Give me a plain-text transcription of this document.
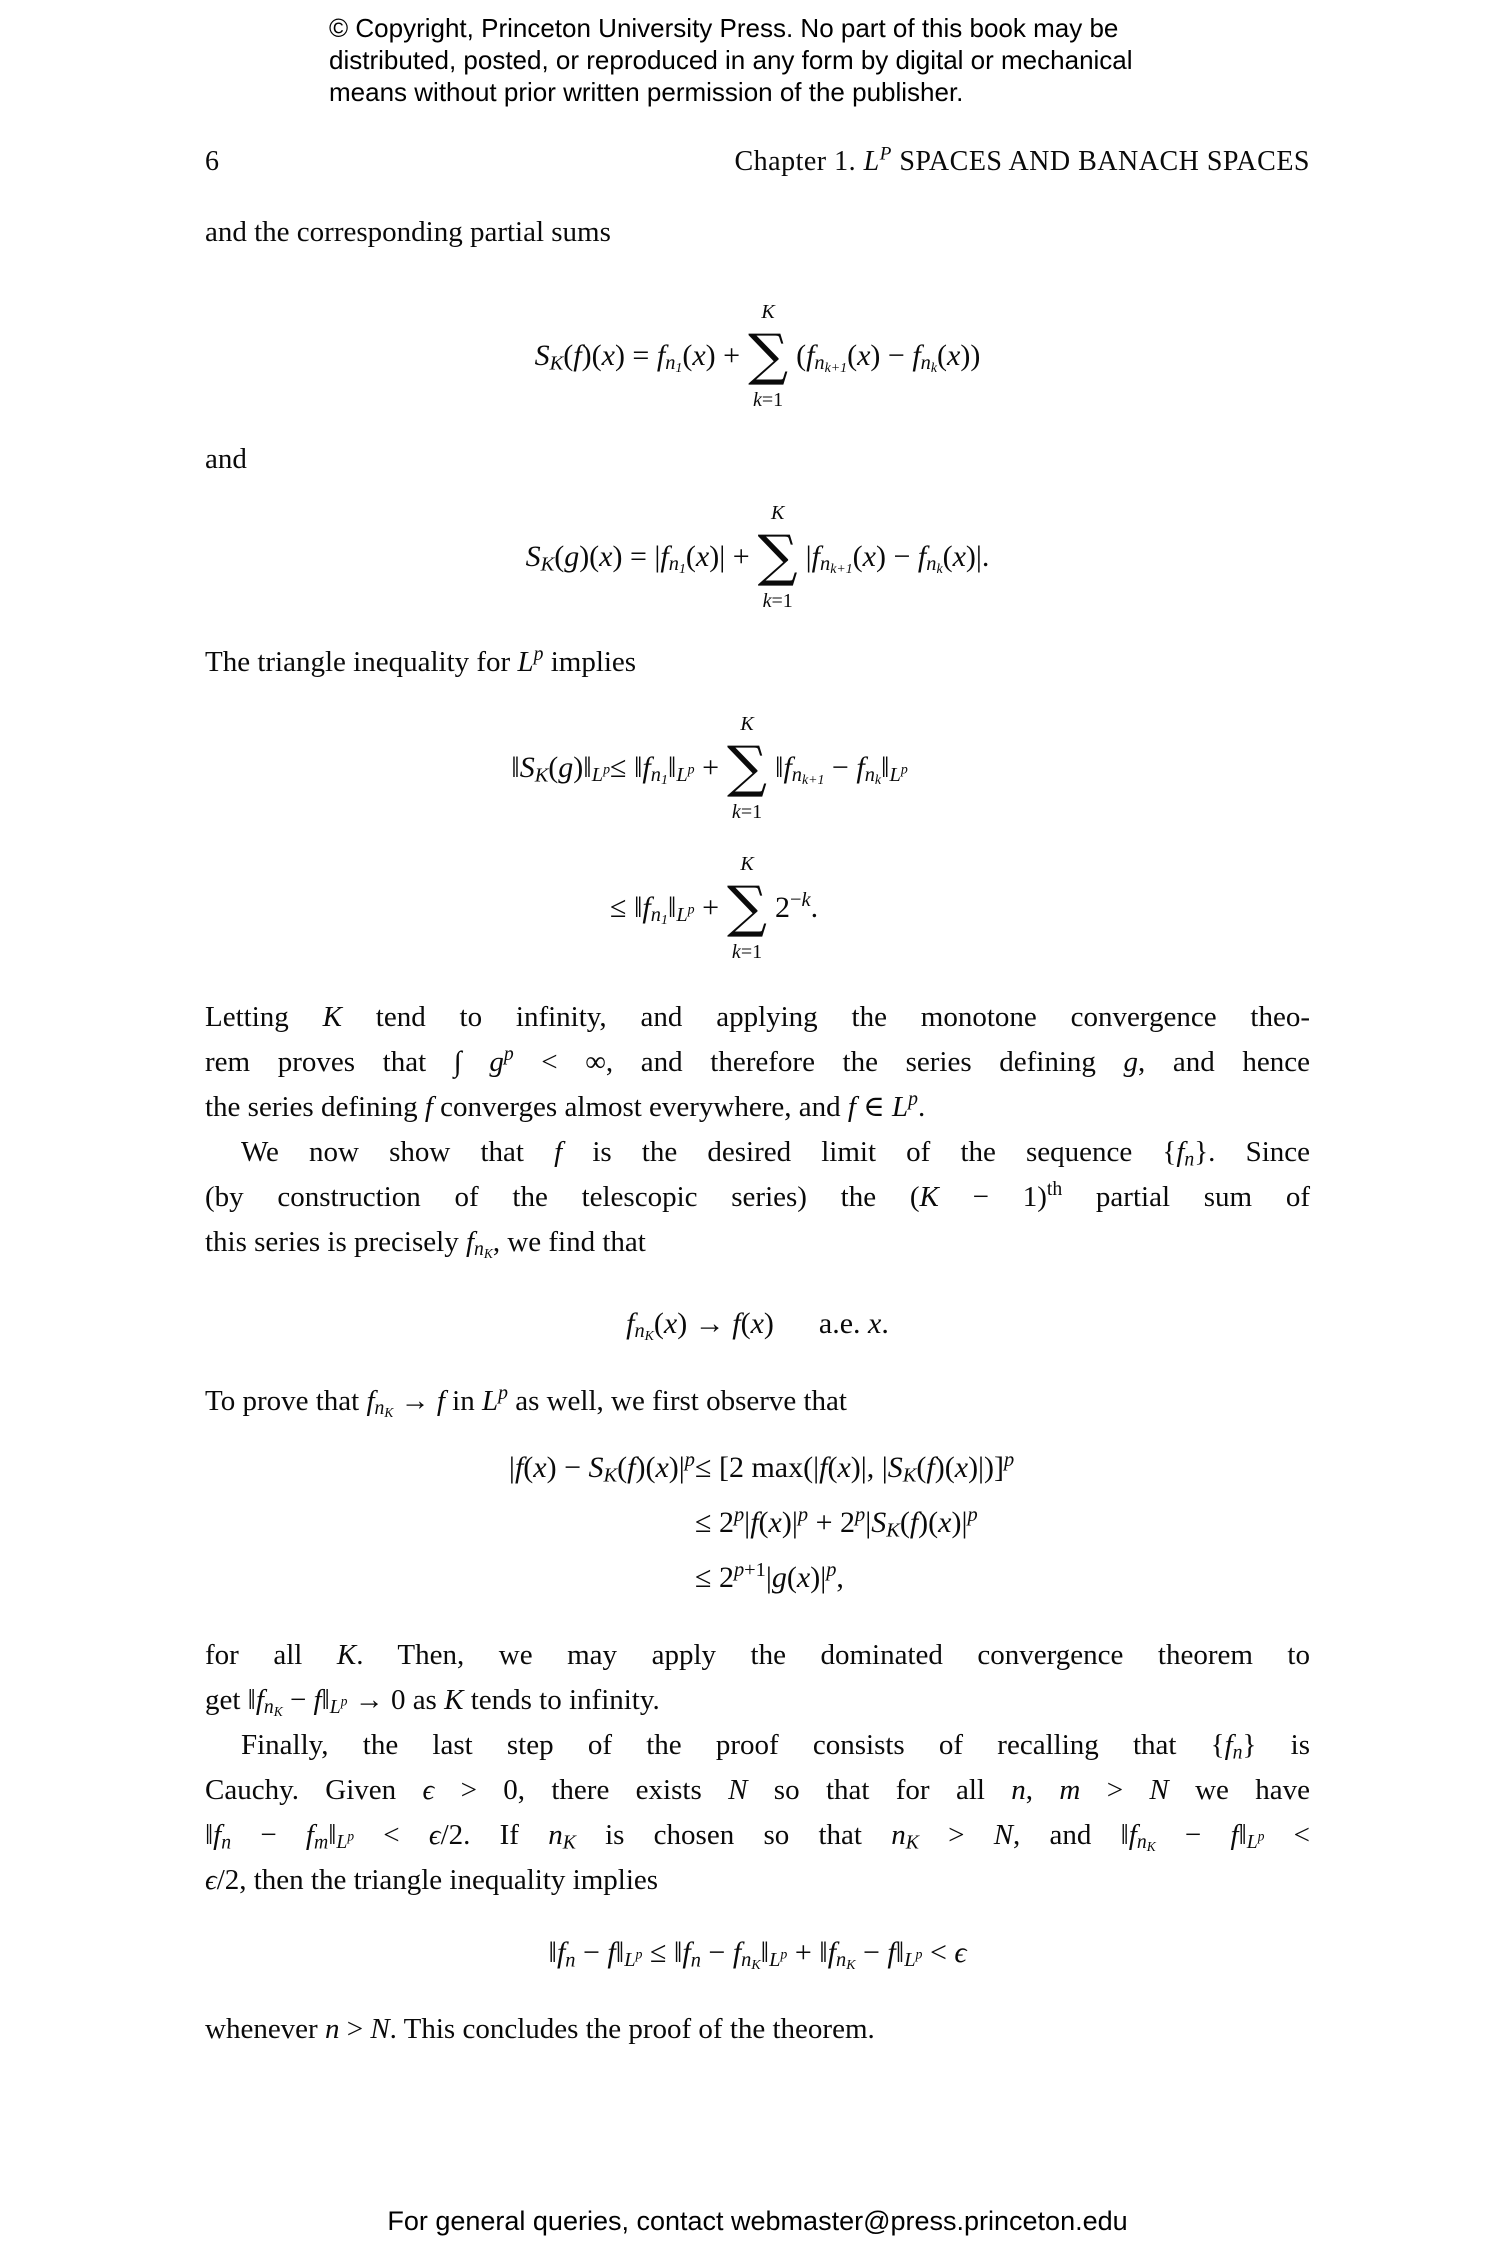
© Copyright, Princeton University Press. No part of this book may be
distributed, posted, or reproduced in any form by digital or mechanical
means without prior written permission of the publisher.
6	Chapter 1. $L^P$ SPACES AND BANACH SPACES
and the corresponding partial sums
$S_K(f)(x) = f_{n_1}(x)$ +
K
∑
k=1
$(f_{n_{k+1}}(x) - f_{n_k}(x))$
and
$S_K(g)(x) = |f_{n_1}(x)|$ +
K
∑
k=1
$|f_{n_{k+1}}(x) - f_{n_k}(x)|$.
The triangle inequality for $L^p$ implies
$‖S_K(g)‖_{L^p}$ ≤ $‖f_{n_1}‖_{L^p}$ +
K
∑
k=1
$‖f_{n_{k+1}}$ − $f_{n_k}‖_{L^p}$
≤ $‖f_{n_1}‖_{L^p}$ +
K
∑
k=1
$2^{-k}$.
Letting K tend to infinity, and applying the monotone convergence theo-
rem proves that ∫ $g^p$ < ∞, and therefore the series defining g, and hence
the series defining f converges almost everywhere, and f ∈ $L^p$.
We now show that f is the desired limit of the sequence $\{f_n\}$. Since
(by construction of the telescopic series) the $(K - 1)^{th}$ partial sum of
this series is precisely $f_{n_K}$, we find that
$f_{n_K}(x) \to f(x)$  a.e. x.
To prove that $f_{n_K} \to f$ in $L^p$ as well, we first observe that
$|f(x) - S_K(f)(x)|^p \le [2$ max(|f(x)|, $|S_K(f)(x)|)]^p$
≤ $2^p|f(x)|^p + 2^p|S_K(f)(x)|^p$
≤ $2^{p+1}|g(x)|^p$,
for all K. Then, we may apply the dominated convergence theorem to
get $‖f_{n_K}$ − $f‖_{L^p} \to 0$ as K tends to infinity.
Finally, the last step of the proof consists of recalling that $\{f_n\}$ is
Cauchy. Given ϵ > 0, there exists N so that for all n, m > N we have
$‖f_n$ − $f_m‖_{L^p} < \epsilon/2$. If $n_K$ is chosen so that $n_K > N$, and $‖f_{n_K}$ − $f‖_{L^p}$ <
ϵ/2, then the triangle inequality implies
$‖f_n$ − $f‖_{L^p}$ ≤ $‖f_n$ − $f_{n_K}‖_{L^p}$ + $‖f_{n_K}$ − $f‖_{L^p} < \epsilon$
whenever n > N. This concludes the proof of the theorem.
For general queries, contact webmaster@press.princeton.edu
